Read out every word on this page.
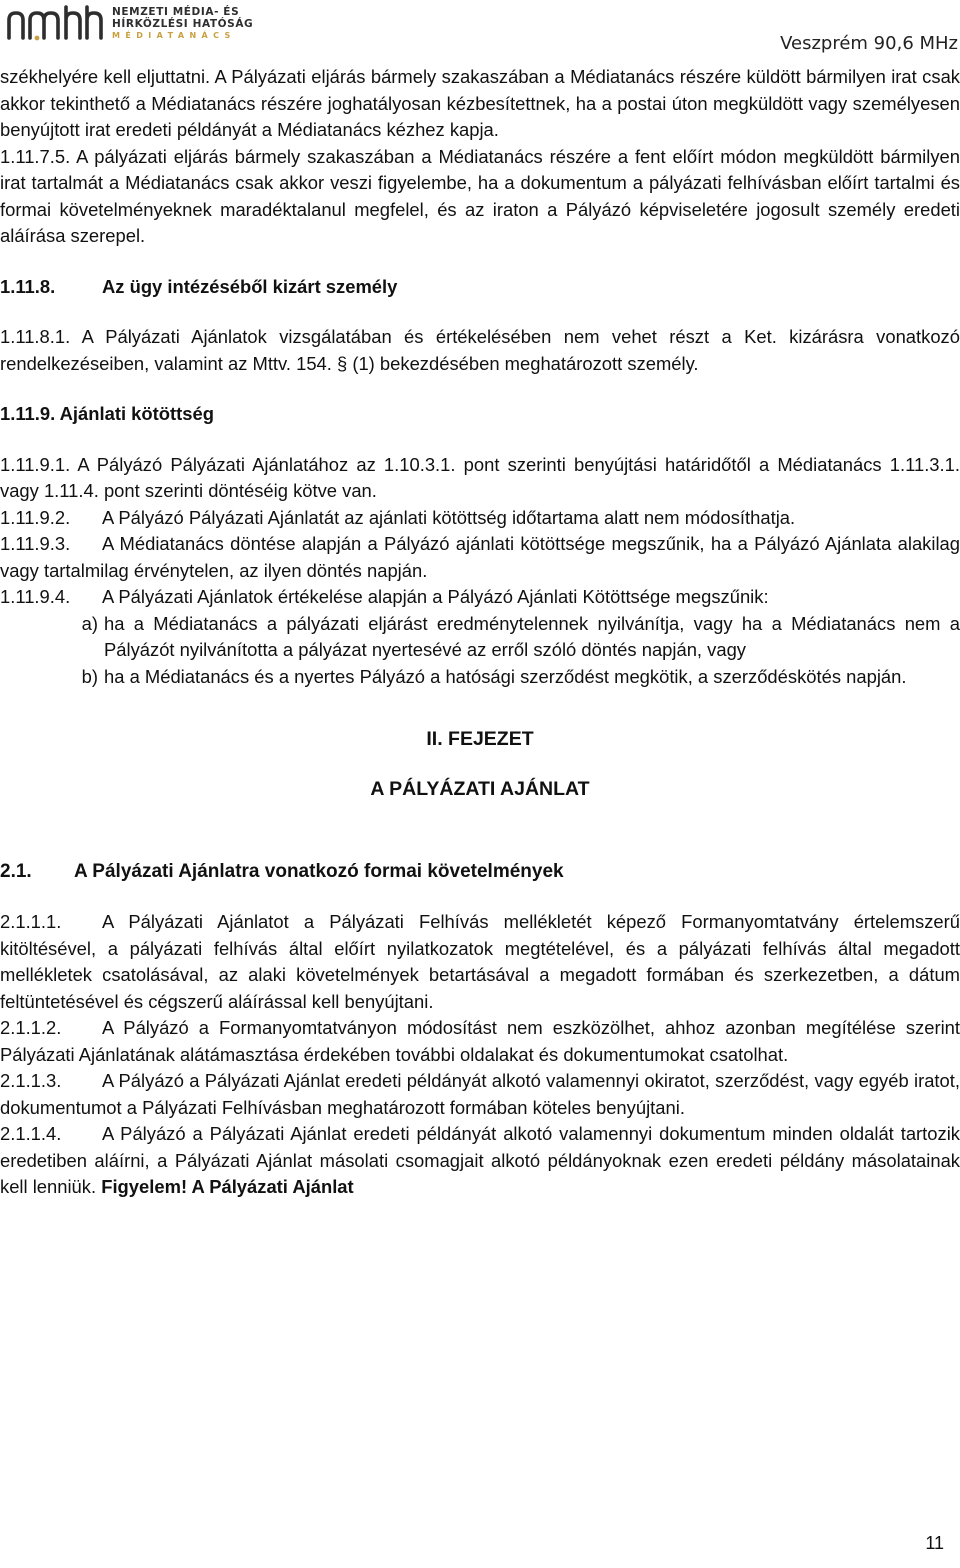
NEMZETI MÉDIA- ÉS
HÍRKÖZLÉSI HATÓSÁG
MÉDIATANÁCS	Veszprém 90,6 MHz

székhelyére kell eljuttatni. A Pályázati eljárás bármely szakaszában a Médiatanács részére küldött bármilyen irat csak akkor tekinthető a Médiatanács részére joghatályosan kézbesítettnek, ha a postai úton megküldött vagy személyesen benyújtott irat eredeti példányát a Médiatanács kézhez kapja.

1.11.7.5. A pályázati eljárás bármely szakaszában a Médiatanács részére a fent előírt módon megküldött bármilyen irat tartalmát a Médiatanács csak akkor veszi figyelembe, ha a dokumentum a pályázati felhívásban előírt tartalmi és formai követelményeknek maradéktalanul megfelel, és az iraton a Pályázó képviseletére jogosult személy eredeti aláírása szerepel.

1.11.8.	Az ügy intézéséből kizárt személy

1.11.8.1. A Pályázati Ajánlatok vizsgálatában és értékelésében nem vehet részt a Ket. kizárásra vonatkozó rendelkezéseiben, valamint az Mttv. 154. § (1) bekezdésében meghatározott személy.

1.11.9. Ajánlati kötöttség

1.11.9.1. A Pályázó Pályázati Ajánlatához az 1.10.3.1. pont szerinti benyújtási határidőtől a Médiatanács 1.11.3.1. vagy 1.11.4. pont szerinti döntéséig kötve van.

1.11.9.2. A Pályázó Pályázati Ajánlatát az ajánlati kötöttség időtartama alatt nem módosíthatja.

1.11.9.3. A Médiatanács döntése alapján a Pályázó ajánlati kötöttsége megszűnik, ha a Pályázó Ajánlata alakilag vagy tartalmilag érvénytelen, az ilyen döntés napján.

1.11.9.4. A Pályázati Ajánlatok értékelése alapján a Pályázó Ajánlati Kötöttsége megszűnik:

a) ha a Médiatanács a pályázati eljárást eredménytelennek nyilvánítja, vagy ha a Médiatanács nem a Pályázót nyilvánította a pályázat nyertesévé az erről szóló döntés napján, vagy
b) ha a Médiatanács és a nyertes Pályázó a hatósági szerződést megkötik, a szerződéskötés napján.
II. FEJEZET
A PÁLYÁZATI AJÁNLAT
2.1. A Pályázati Ajánlatra vonatkozó formai követelmények

2.1.1.1. A Pályázati Ajánlatot a Pályázati Felhívás mellékletét képező Formanyomtatvány értelemszerű kitöltésével, a pályázati felhívás által előírt nyilatkozatok megtételével, és a pályázati felhívás által megadott mellékletek csatolásával, az alaki követelmények betartásával a megadott formában és szerkezetben, a dátum feltüntetésével és cégszerű aláírással kell benyújtani.

2.1.1.2. A Pályázó a Formanyomtatványon módosítást nem eszközölhet, ahhoz azonban megítélése szerint Pályázati Ajánlatának alátámasztása érdekében további oldalakat és dokumentumokat csatolhat.

2.1.1.3. A Pályázó a Pályázati Ajánlat eredeti példányát alkotó valamennyi okiratot, szerződést, vagy egyéb iratot, dokumentumot a Pályázati Felhívásban meghatározott formában köteles benyújtani.

2.1.1.4. A Pályázó a Pályázati Ajánlat eredeti példányát alkotó valamennyi dokumentum minden oldalát tartozik eredetiben aláírni, a Pályázati Ajánlat másolati csomagjait alkotó példányoknak ezen eredeti példány másolatainak kell lenniük. Figyelem! A Pályázati Ajánlat

11
